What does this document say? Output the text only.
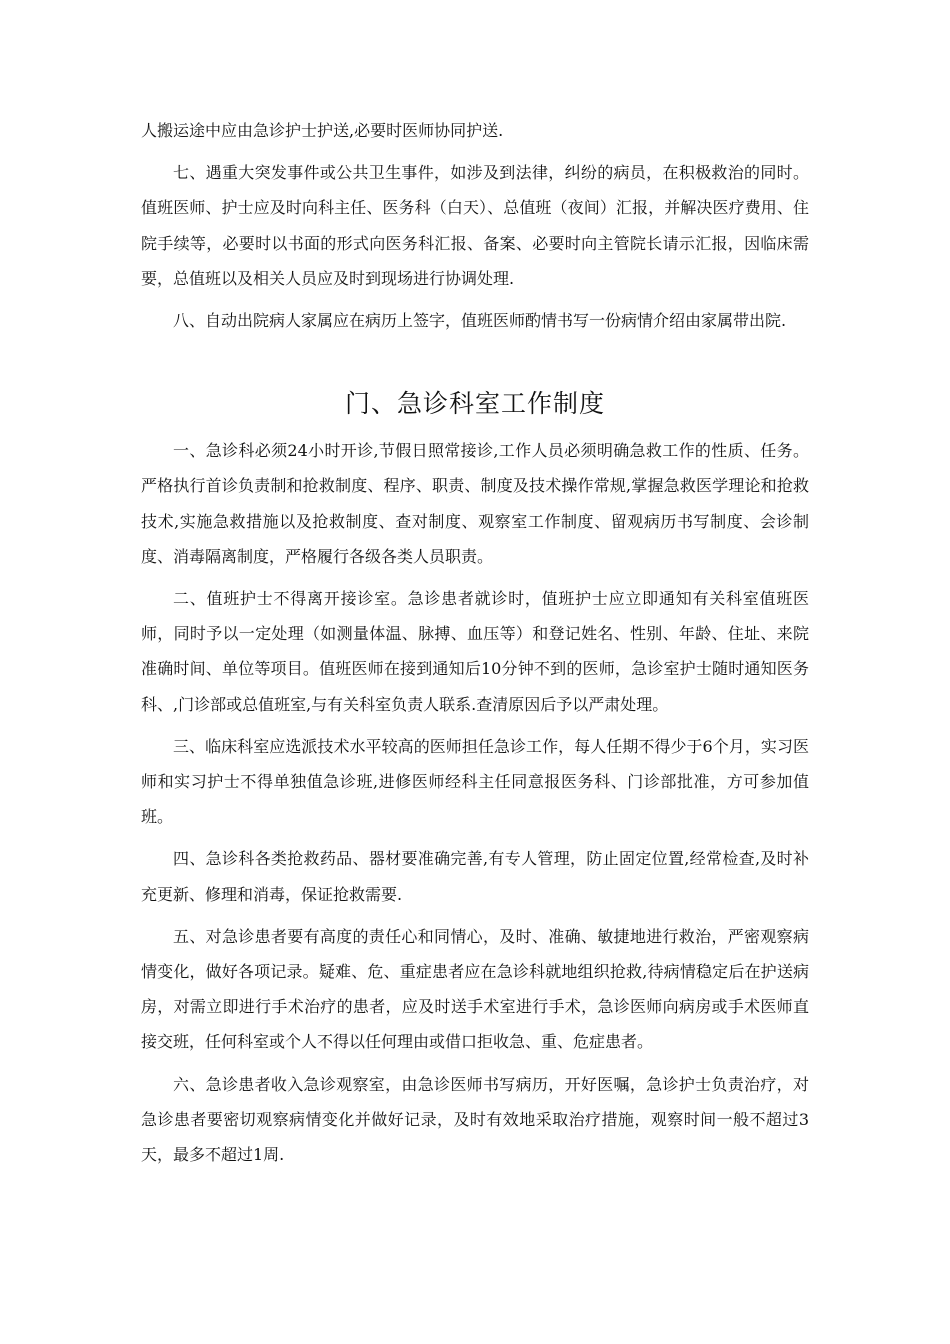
人搬运途中应由急诊护士护送,必要时医师协同护送.

七、遇重大突发事件或公共卫生事件，如涉及到法律，纠纷的病员，在积极救治的同时。值班医师、护士应及时向科主任、医务科（白天）、总值班（夜间）汇报，并解决医疗费用、住院手续等，必要时以书面的形式向医务科汇报、备案、必要时向主管院长请示汇报，因临床需要，总值班以及相关人员应及时到现场进行协调处理.

八、自动出院病人家属应在病历上签字，值班医师酌情书写一份病情介绍由家属带出院.

门、急诊科室工作制度

一、急诊科必须24小时开诊,节假日照常接诊,工作人员必须明确急救工作的性质、任务。严格执行首诊负责制和抢救制度、程序、职责、制度及技术操作常规,掌握急救医学理论和抢救技术,实施急救措施以及抢救制度、查对制度、观察室工作制度、留观病历书写制度、会诊制度、消毒隔离制度，严格履行各级各类人员职责。

二、值班护士不得离开接诊室。急诊患者就诊时，值班护士应立即通知有关科室值班医师，同时予以一定处理（如测量体温、脉搏、血压等）和登记姓名、性别、年龄、住址、来院准确时间、单位等项目。值班医师在接到通知后10分钟不到的医师，急诊室护士随时通知医务科、,门诊部或总值班室,与有关科室负责人联系.查清原因后予以严肃处理。

三、临床科室应选派技术水平较高的医师担任急诊工作，每人任期不得少于6个月，实习医师和实习护士不得单独值急诊班,进修医师经科主任同意报医务科、门诊部批准，方可参加值班。

四、急诊科各类抢救药品、器材要准确完善,有专人管理，防止固定位置,经常检查,及时补充更新、修理和消毒，保证抢救需要.

五、对急诊患者要有高度的责任心和同情心，及时、准确、敏捷地进行救治，严密观察病情变化，做好各项记录。疑难、危、重症患者应在急诊科就地组织抢救,待病情稳定后在护送病房，对需立即进行手术治疗的患者，应及时送手术室进行手术，急诊医师向病房或手术医师直接交班，任何科室或个人不得以任何理由或借口拒收急、重、危症患者。

六、急诊患者收入急诊观察室，由急诊医师书写病历，开好医嘱，急诊护士负责治疗，对急诊患者要密切观察病情变化并做好记录，及时有效地采取治疗措施，观察时间一般不超过3天，最多不超过1周.
